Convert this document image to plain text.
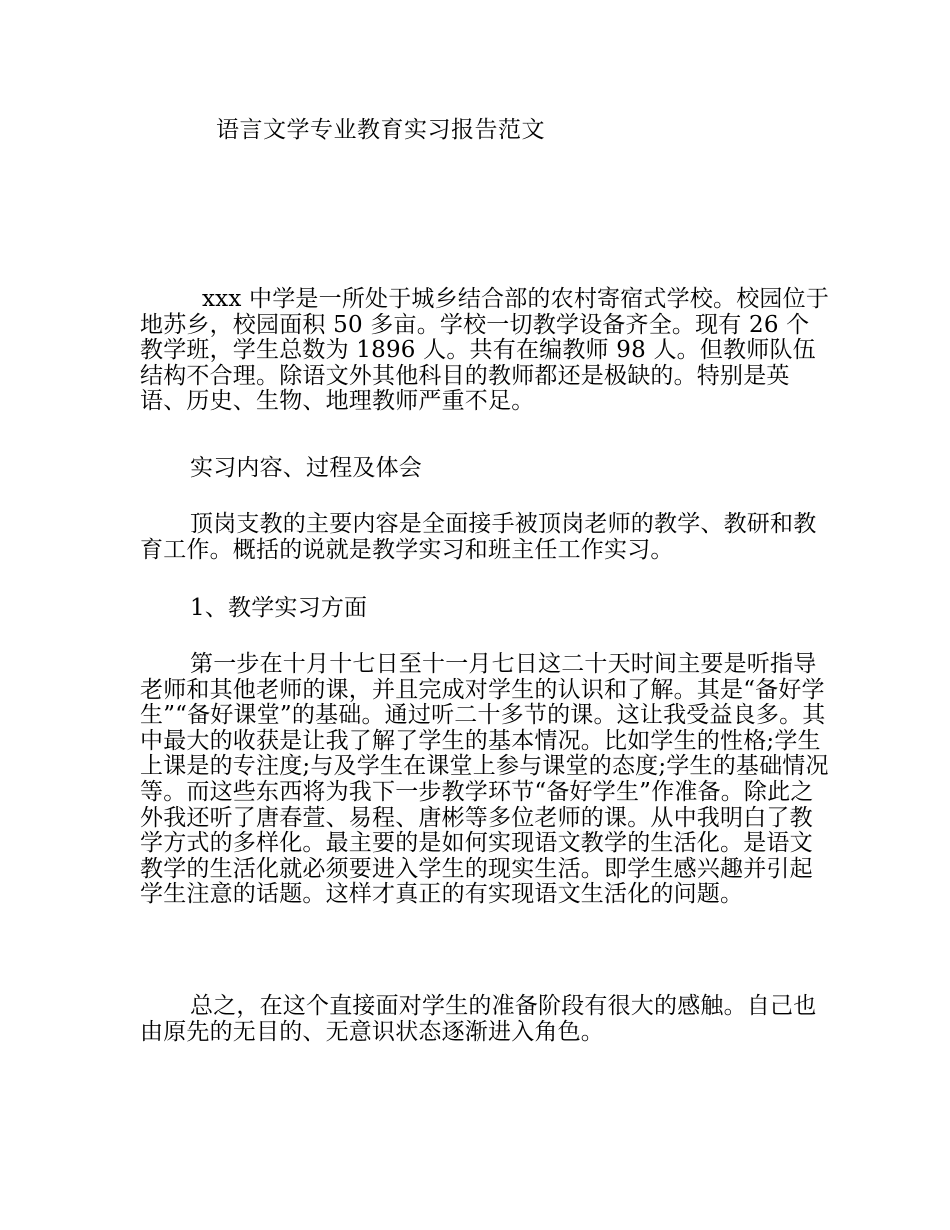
语言文学专业教育实习报告范文

xxx 中学是一所处于城乡结合部的农村寄宿式学校。校园位于地苏乡，校园面积 50 多亩。学校一切教学设备齐全。现有 26 个教学班，学生总数为 1896 人。共有在编教师 98 人。但教师队伍结构不合理。除语文外其他科目的教师都还是极缺的。特别是英语、历史、生物、地理教师严重不足。

实习内容、过程及体会

顶岗支教的主要内容是全面接手被顶岗老师的教学、教研和教育工作。概括的说就是教学实习和班主任工作实习。

1、教学实习方面

第一步在十月十七日至十一月七日这二十天时间主要是听指导老师和其他老师的课，并且完成对学生的认识和了解。其是“备好学生”“备好课堂”的基础。通过听二十多节的课。这让我受益良多。其中最大的收获是让我了解了学生的基本情况。比如学生的性格;学生上课是的专注度;与及学生在课堂上参与课堂的态度;学生的基础情况等。而这些东西将为我下一步教学环节“备好学生”作准备。除此之外我还听了唐春萱、易程、唐彬等多位老师的课。从中我明白了教学方式的多样化。最主要的是如何实现语文教学的生活化。是语文教学的生活化就必须要进入学生的现实生活。即学生感兴趣并引起学生注意的话题。这样才真正的有实现语文生活化的问题。

总之，在这个直接面对学生的准备阶段有很大的感触。自己也由原先的无目的、无意识状态逐渐进入角色。
